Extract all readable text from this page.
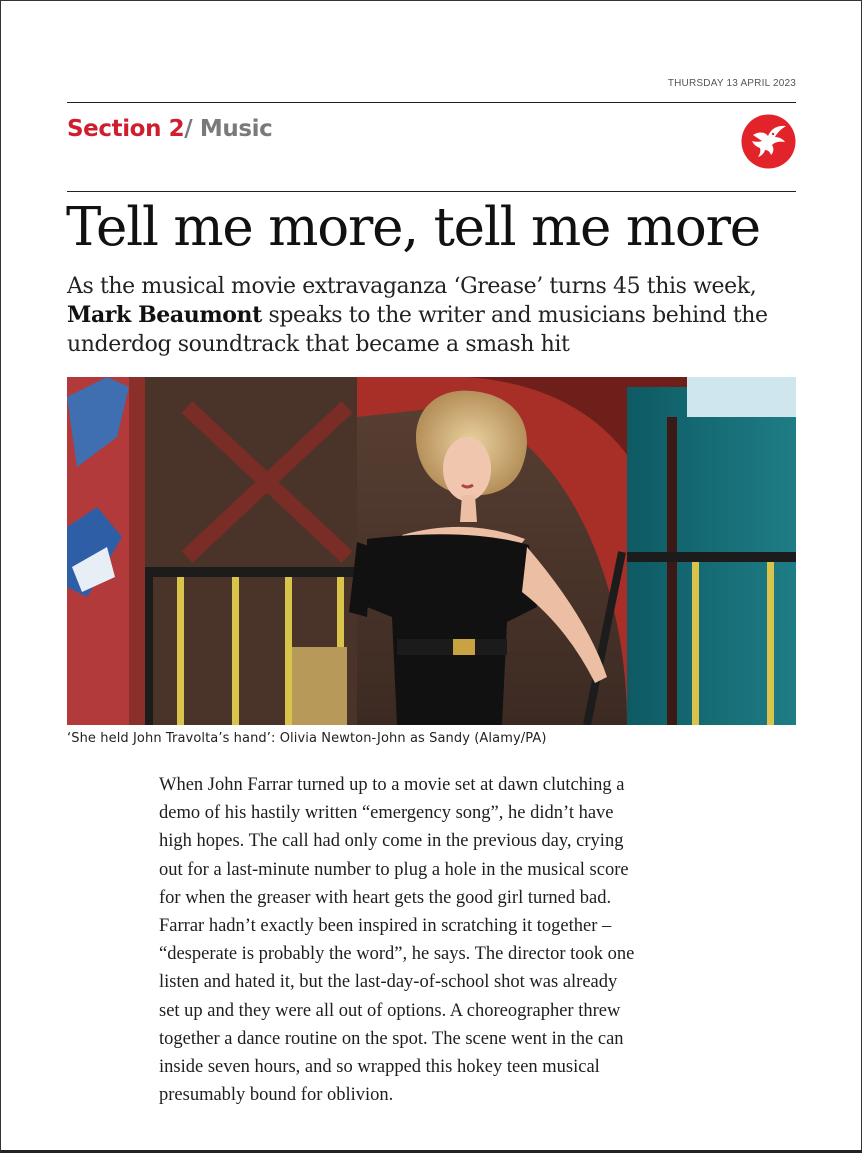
THURSDAY 13 APRIL 2023
Section 2/ Music
Tell me more, tell me more

As the musical movie extravaganza ‘Grease’ turns 45 this week, Mark Beaumont speaks to the writer and musicians behind the underdog soundtrack that became a smash hit

‘She held John Travolta’s hand’: Olivia Newton-John as Sandy (Alamy/PA)
When John Farrar turned up to a movie set at dawn clutching a
demo of his hastily written “emergency song”, he didn’t have
high hopes. The call had only come in the previous day, crying
out for a last-minute number to plug a hole in the musical score
for when the greaser with heart gets the good girl turned bad.
Farrar hadn’t exactly been inspired in scratching it together –
“desperate is probably the word”, he says. The director took one
listen and hated it, but the last-day-of-school shot was already
set up and they were all out of options. A choreographer threw
together a dance routine on the spot. The scene went in the can
inside seven hours, and so wrapped this hokey teen musical
presumably bound for oblivion.
